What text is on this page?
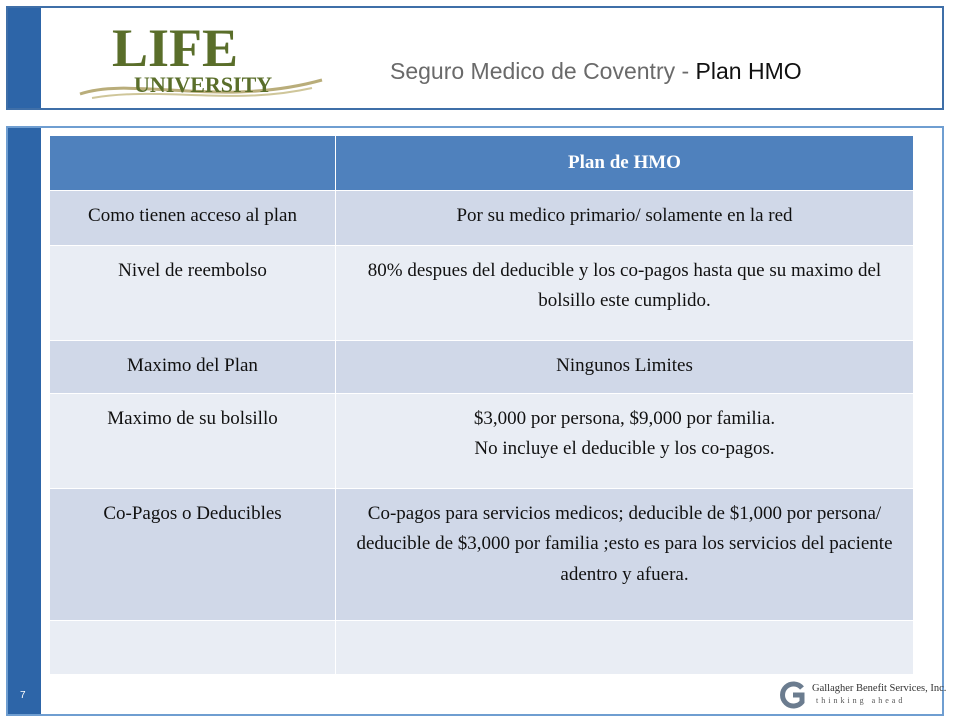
LIFE
UNIVERSITY
Seguro Medico de Coventry - Plan HMO
7
	Plan de HMO
Como tienen acceso al plan	Por su medico primario/ solamente en la red
Nivel de reembolso	80% despues del deducible y los co-pagos hasta que su maximo del bolsillo este cumplido.
Maximo del Plan	Ningunos Limites
Maximo de su bolsillo	$3,000 por persona, $9,000 por familia.
No incluye el deducible y los co-pagos.

Co-Pagos o Deducibles	Co-pagos para servicios medicos; deducible de $1,000 por persona/ deducible de $3,000 por familia ;esto es para los servicios del paciente adentro y afuera.

Gallagher Benefit Services, Inc.
thinking ahead
